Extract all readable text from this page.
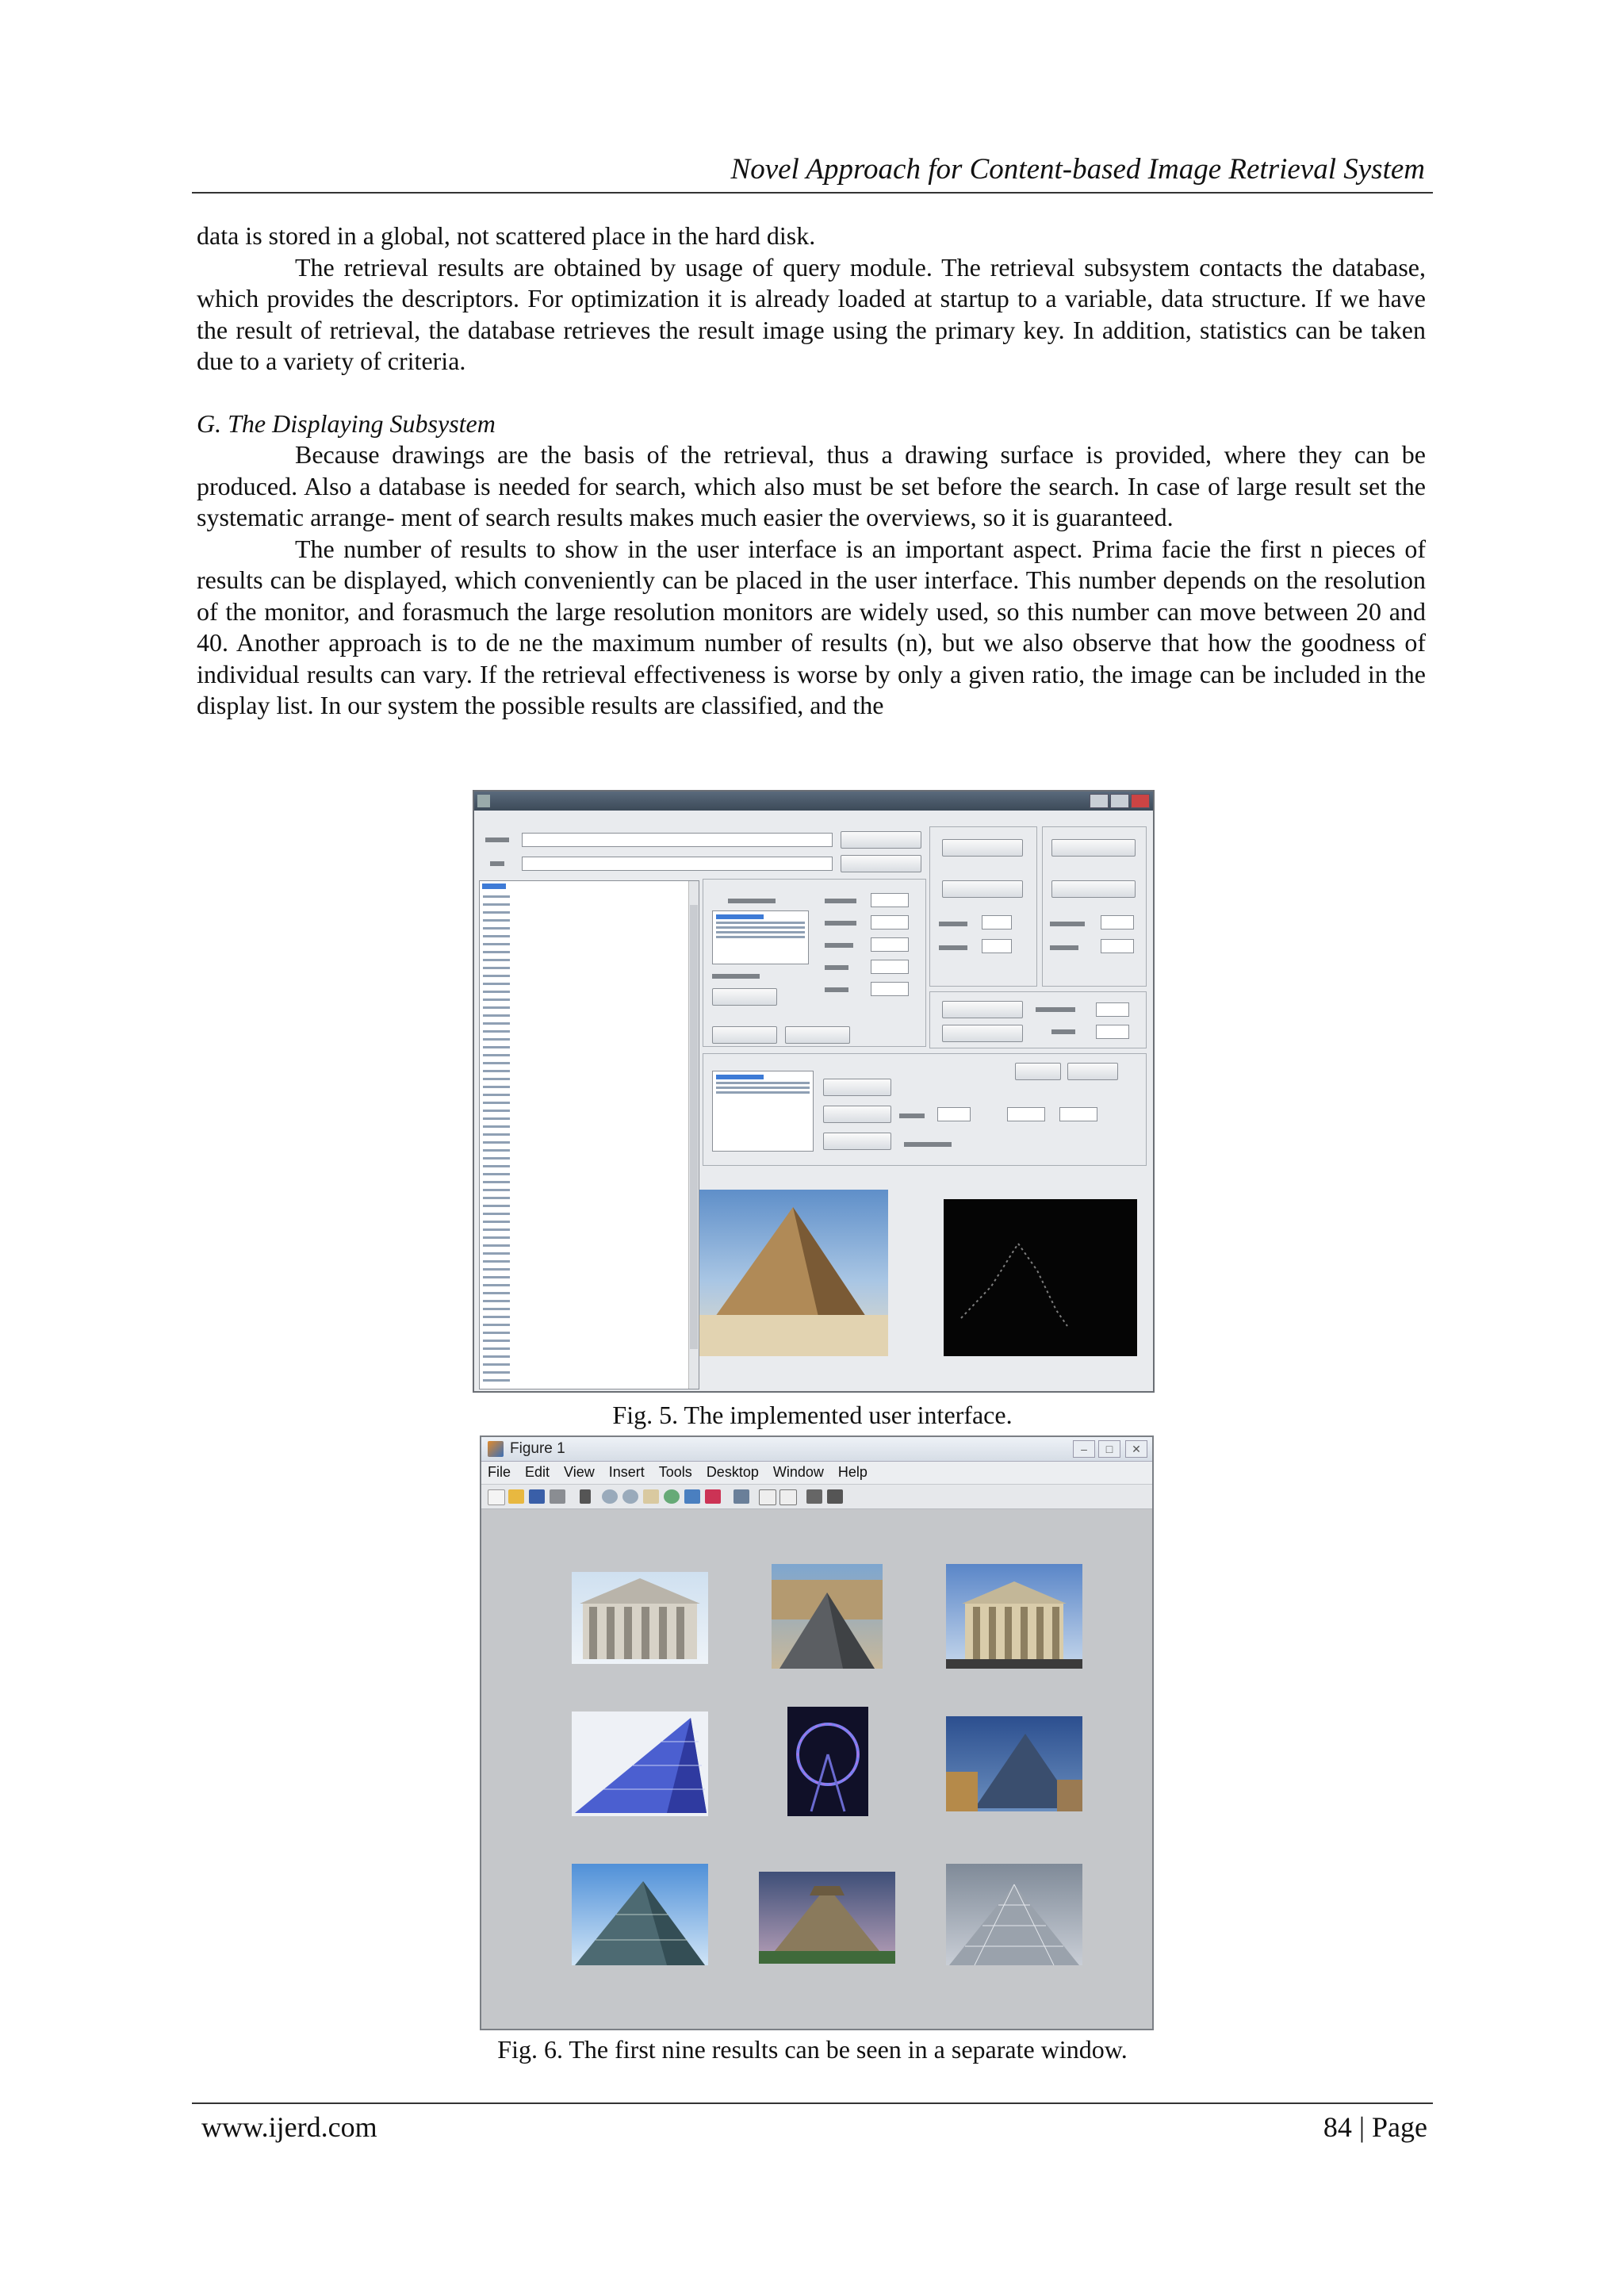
Novel Approach for Content-based Image Retrieval System

data is stored in a global, not scattered place in the hard disk.

The retrieval results are obtained by usage of query module. The retrieval subsystem contacts the database, which provides the descriptors. For optimization it is already loaded at startup to a variable, data structure. If we have the result of retrieval, the database retrieves the result image using the primary key. In addition, statistics can be taken due to a variety of criteria.

G. The Displaying Subsystem

Because drawings are the basis of the retrieval, thus a drawing surface is provided, where they can be produced. Also a database is needed for search, which also must be set before the search. In case of large result set the systematic arrange- ment of search results makes much easier the overviews, so it is guaranteed.

The number of results to show in the user interface is an important aspect. Prima facie the first n pieces of results can be displayed, which conveniently can be placed in the user interface. This number depends on the resolution of the monitor, and forasmuch the large resolution monitors are widely used, so this number can move between 20 and 40. Another approach is to de ne the maximum number of results (n), but we also observe that how the goodness of individual results can vary. If the retrieval effectiveness is worse by only a given ratio, the image can be included in the display list. In our system the possible results are classified, and the

Fig. 5. The implemented user interface.
Figure 1	–	□	✕
File Edit View Insert Tools Desktop Window Help
Fig. 6. The first nine results can be seen in a separate window.
www.ijerd.com	84 | Page
